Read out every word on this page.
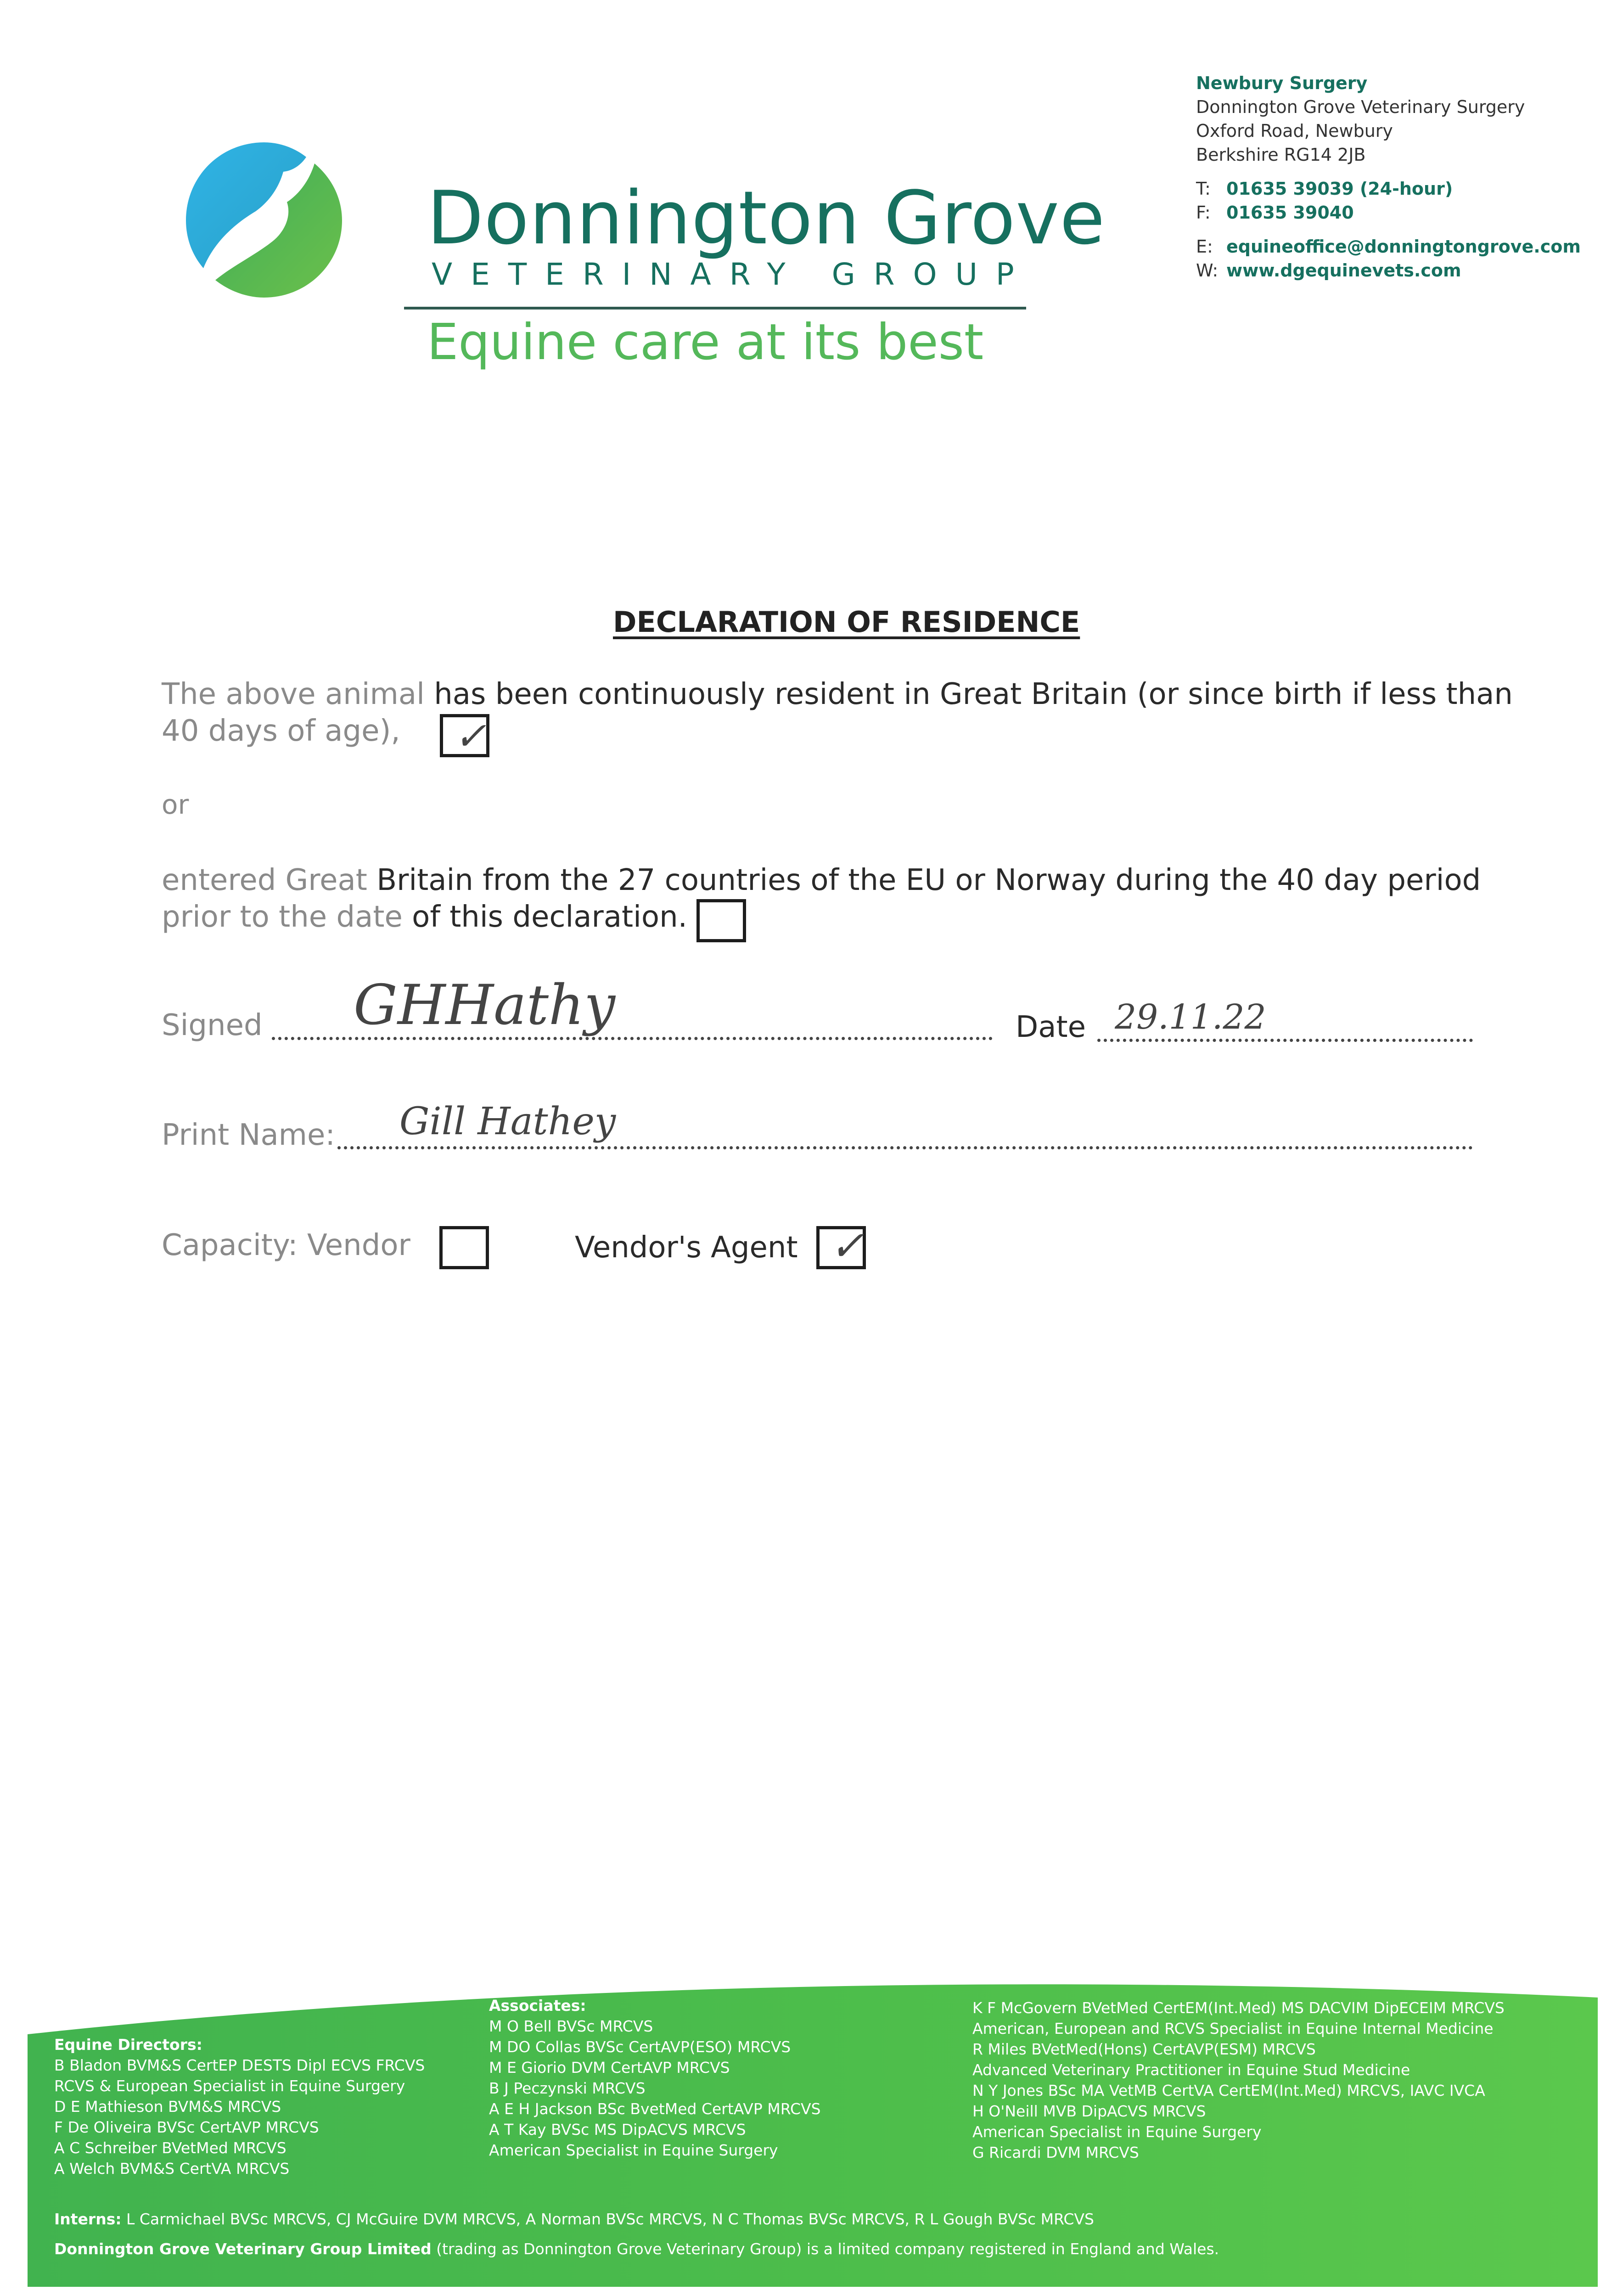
Donnington Grove
VETERINARY GROUP
Equine care at its best
Newbury Surgery
Donnington Grove Veterinary Surgery
Oxford Road, Newbury
Berkshire RG14 2JB
T: 01635 39039 (24-hour)
F: 01635 39040
E: equineoffice@donningtongrove.com
W: www.dgequinevets.com
DECLARATION OF RESIDENCE
The above animal has been continuously resident in Great Britain (or since birth if less than
40 days of age), ✓
or
entered Great Britain from the 27 countries of the EU or Norway during the 40 day period
prior to the date of this declaration.
Signed GHHathy	Date 29.11.22
Print Name: Gill Hathey
Capacity: Vendor	Vendor's Agent ✓
Equine Directors:
B Bladon BVM&S CertEP DESTS Dipl ECVS FRCVS
RCVS & European Specialist in Equine Surgery
D E Mathieson BVM&S MRCVS
F De Oliveira BVSc CertAVP MRCVS
A C Schreiber BVetMed MRCVS
A Welch BVM&S CertVA MRCVS
Associates:
M O Bell BVSc MRCVS
M DO Collas BVSc CertAVP(ESO) MRCVS
M E Giorio DVM CertAVP MRCVS
B J Peczynski MRCVS
A E H Jackson BSc BvetMed CertAVP MRCVS
A T Kay BVSc MS DipACVS MRCVS
American Specialist in Equine Surgery
K F McGovern BVetMed CertEM(Int.Med) MS DACVIM DipECEIM MRCVS
American, European and RCVS Specialist in Equine Internal Medicine
R Miles BVetMed(Hons) CertAVP(ESM) MRCVS
Advanced Veterinary Practitioner in Equine Stud Medicine
N Y Jones BSc MA VetMB CertVA CertEM(Int.Med) MRCVS, IAVC IVCA
H O'Neill MVB DipACVS MRCVS
American Specialist in Equine Surgery
G Ricardi DVM MRCVS
Interns: L Carmichael BVSc MRCVS, CJ McGuire DVM MRCVS, A Norman BVSc MRCVS, N C Thomas BVSc MRCVS, R L Gough BVSc MRCVS
Donnington Grove Veterinary Group Limited (trading as Donnington Grove Veterinary Group) is a limited company registered in England and Wales.
